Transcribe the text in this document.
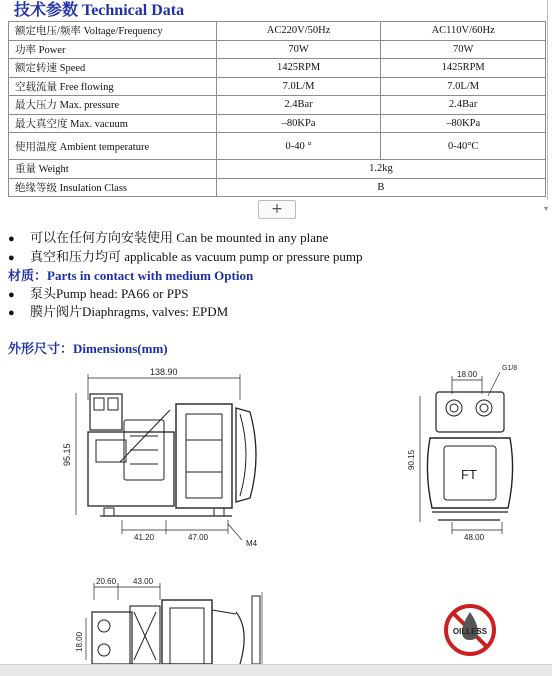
技术参数 Technical Data
额定电压/频率 Voltage/Frequency	AC220V/50Hz	AC110V/60Hz
功率 Power	70W	70W
额定转速 Speed	1425RPM	1425RPM
空载流量 Free flowing	7.0L/M	7.0L/M
最大压力 Max. pressure	2.4Bar	2.4Bar
最大真空度 Max. vacuum	–80KPa	–80KPa
使用温度 Ambient temperature	0-40 °	0-40°C
重量 Weight	1.2kg	
绝缘等级 Insulation Class	B	
+	▾
● 可以在任何方向安装使用 Can be mounted in any plane
● 真空和压力均可 applicable as vacuum pump or pressure pump
材质：Parts in contact with medium Option
● 泵头Pump head: PA66 or PPS
● 膜片阀片Diaphragms, valves: EPDM
外形尺寸：Dimensions(mm)
138.90
95.15
41.20	47.00
M4
18.00
G1/8
90.15
FT
48.00
20.60 43.00
18.00
OILLESS
